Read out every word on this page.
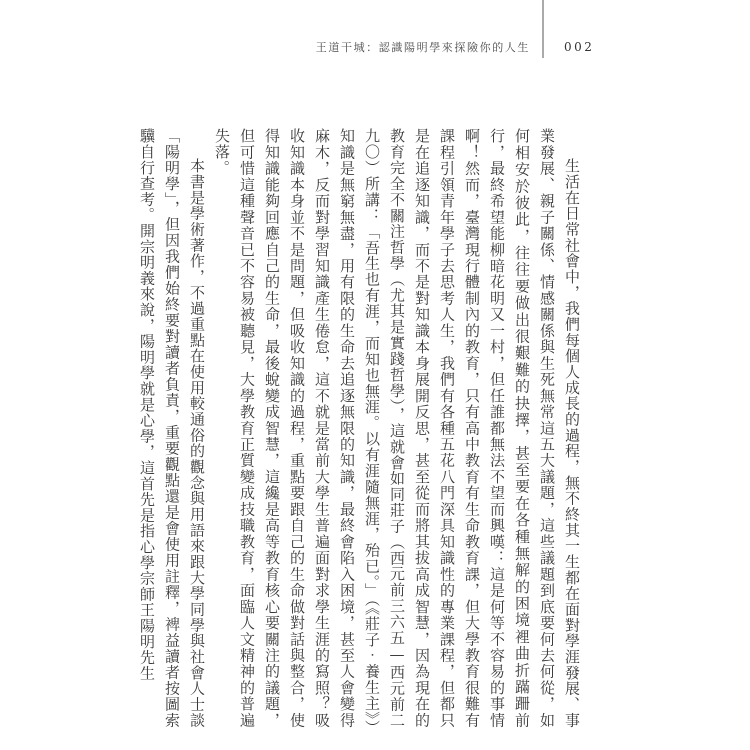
王道干城：認識陽明學來探險你的人生	002

生活在日常社會中，我們每個人成長的過程，無不終其一生都在面對學涯發展、事業發展、親子關係、情感關係與生死無常這五大議題，這些議題到底要何去何從，如何相安於彼此，往往要做出很艱難的抉擇，甚至要在各種無解的困境裡曲折蹣跚前行，最終希望能柳暗花明又一村，但任誰都無法不望而興嘆：這是何等不容易的事情啊！然而，臺灣現行體制內的教育，只有高中教育有生命教育課，但大學教育很難有課程引領青年學子去思考人生，我們有各種五花八門深具知識性的專業課程，但都只是在追逐知識，而不是對知識本身展開反思，甚至從而將其拔高成智慧，因為現在的教育完全不關注哲學（尤其是實踐哲學），這就會如同莊子（西元前三六五—西元前二九〇）所講：「吾生也有涯，而知也無涯。以有涯隨無涯，殆已。」（《莊子‧養生主》）知識是無窮無盡，用有限的生命去追逐無限的知識，最終會陷入困境，甚至人會變得麻木，反而對學習知識產生倦怠，這不就是當前大學生普遍面對求學生涯的寫照？吸收知識本身並不是問題，但吸收知識的過程，重點要跟自己的生命做對話與整合，使得知識能夠回應自己的生命，最後蛻變成智慧，這纔是高等教育核心要關注的議題，但可惜這種聲音已不容易被聽見，大學教育正質變成技職教育，面臨人文精神的普遍失落。

本書是學術著作，不過重點在使用較通俗的觀念與用語來跟大學同學與社會人士談「陽明學」，但因我們始終要對讀者負責，重要觀點還是會使用註釋，裨益讀者按圖索驥自行查考。開宗明義來說，陽明學就是心學，這首先是指心學宗師王陽明先生
